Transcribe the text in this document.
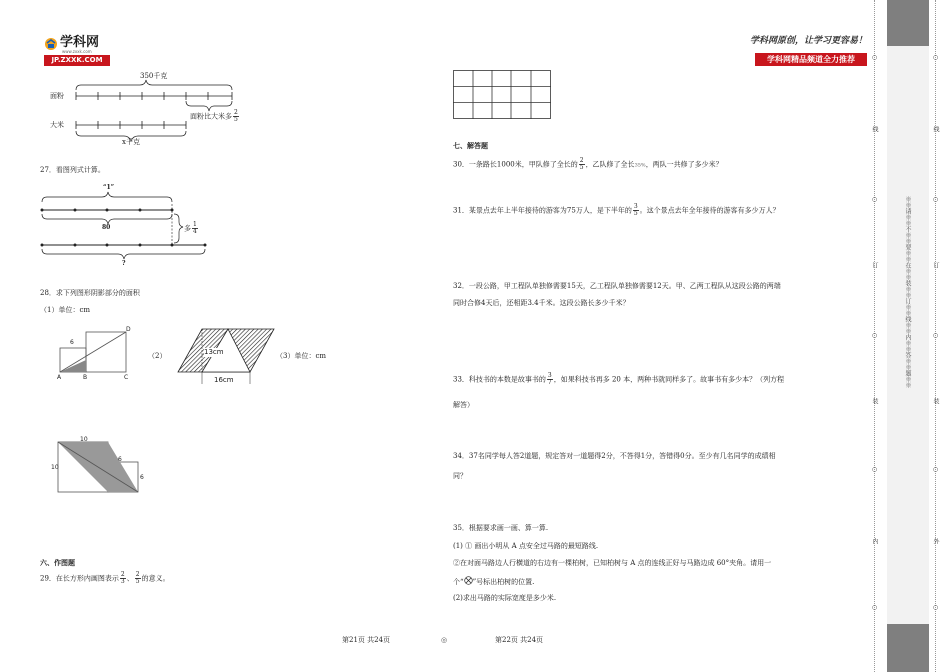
学科网
www.zxxk.com
JP.ZXXK.COM
学科网原创，让学习更容易！
学科网精品频道全力推荐
350千克
面粉
大米
面粉比大米多 $\frac{2}{5}$
x千克
27．看图列式计算。
“1”
80	多 $\frac{1}{4}$
?
28．求下列图形阴影部分的面积
（1）单位：cm
6
D
A	B	C
（2）	13cm
16cm
（3）单位：cm
10
10
6
6
六、作图题
29．在长方形内画图表示 $\frac{2}{3}$ 、 $\frac{2}{5}$ 的意义。
第21页 共24页	◎	第22页 共24页
七、解答题
30．一条路长1000米，甲队修了全长的 $\frac{2}{5}$ ，乙队修了全长35%，两队一共修了多少米？
31．某景点去年上半年接待的游客为75万人，是下半年的 $\frac{3}{5}$ 。这个景点去年全年接待的游客有多少万人？
32．一段公路，甲工程队单独修需要15天，乙工程队单独修需要12天。甲、乙两工程队从这段公路的两端
同时合修4天后，还相距3.4千米。这段公路长多少千米？
33．科技书的本数是故事书的 $\frac{3}{7}$ ，如果科技书再多 20 本，两种书就同样多了。故事书有多少本？（列方程
解答）
34．37名同学每人答2道题，规定答对一道题得2分，不答得1分，答错得0分。至少有几名同学的成绩相
同？
35．根据要求画一画、算一算.
(1) ① 画出小明从 A 点安全过马路的最短路线.
②在对面马路边人行横道的右边有一棵柏树，已知柏树与 A 点的连线正好与马路边成 60°夹角。请用一
个“ ”号标出柏树的位置.
(2)求出马路的实际宽度是多少米.
○
线
○
订
○
装
○
内
○
※※请※※不※※要※※在※※装※※订※※线※※内※※答※※题※※
○
线
○
订
○
装
○
外
○
